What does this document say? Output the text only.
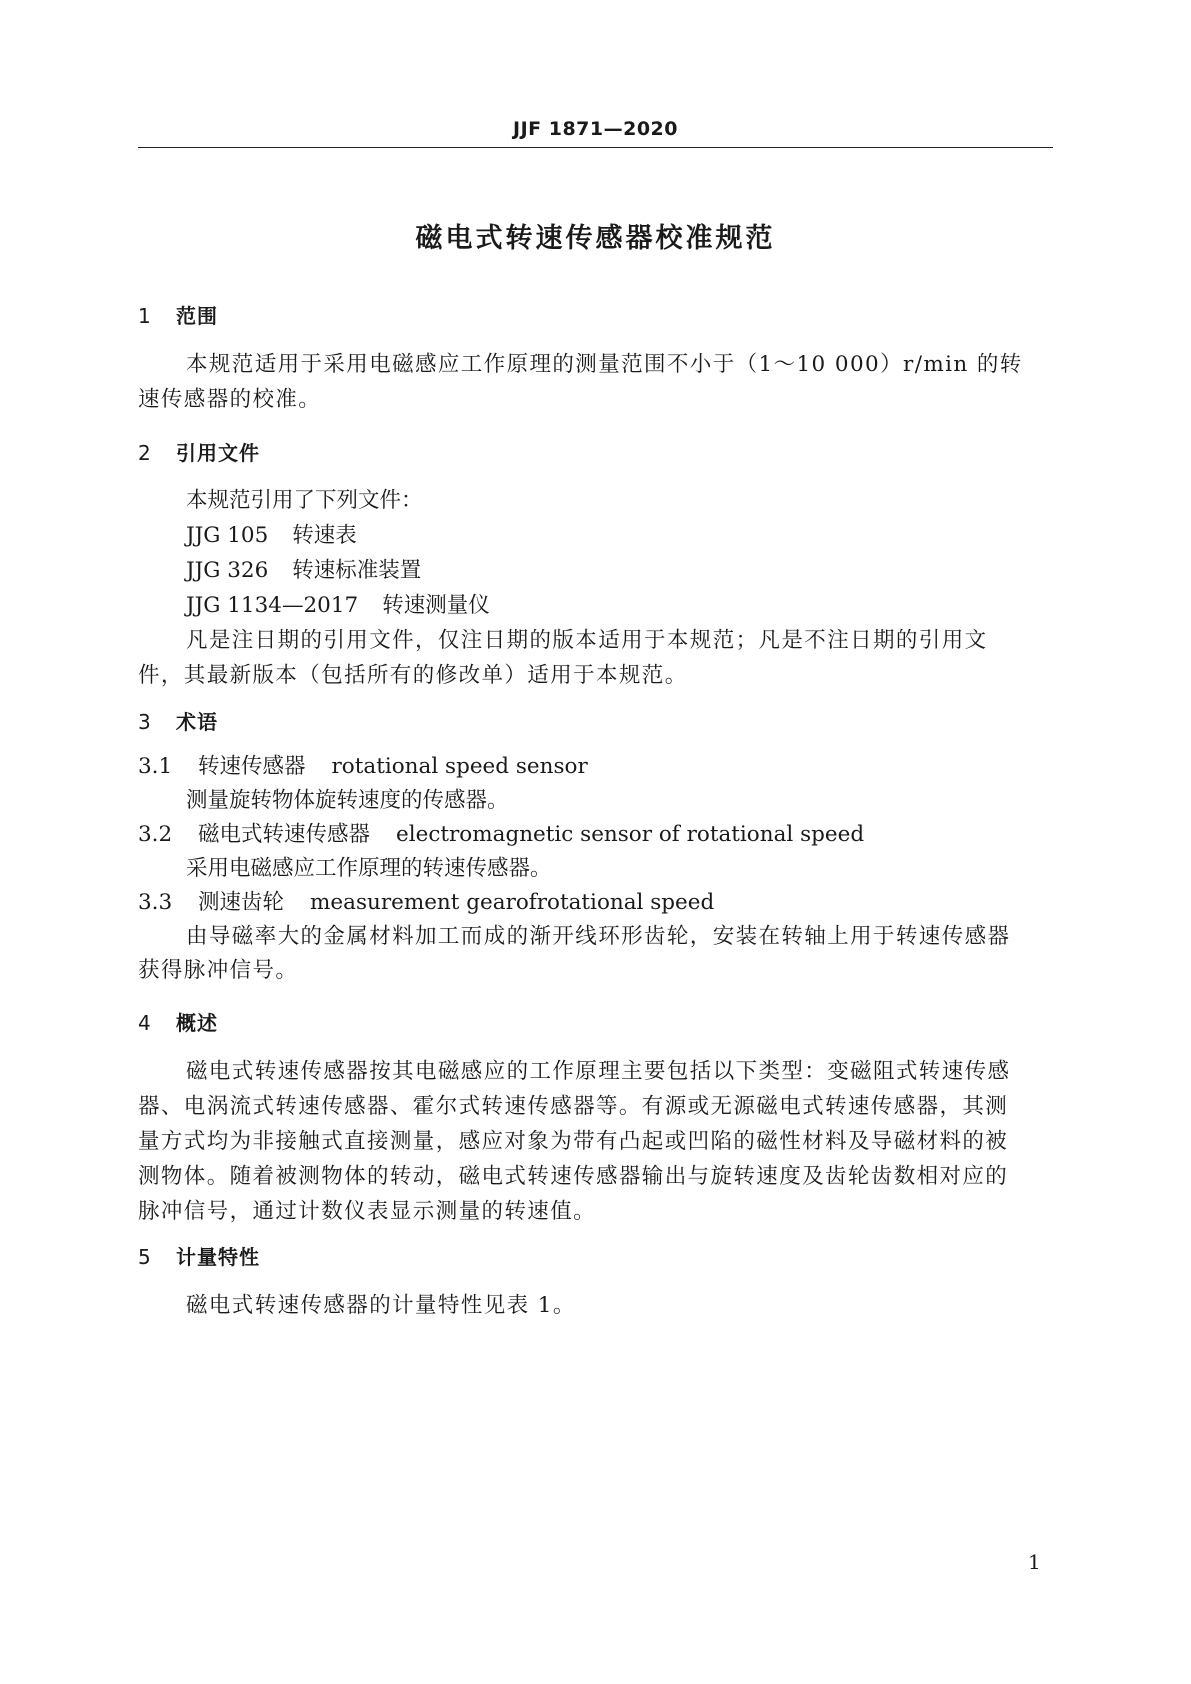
JJF 1871—2020
磁电式转速传感器校准规范
1 范围

本规范适用于采用电磁感应工作原理的测量范围不小于（1～10 000）r/min 的转

速传感器的校准。

2 引用文件
本规范引用了下列文件：
JJG 105 转速表
JJG 326 转速标准装置
JJG 1134—2017 转速测量仪

凡是注日期的引用文件，仅注日期的版本适用于本规范；凡是不注日期的引用文

件，其最新版本（包括所有的修改单）适用于本规范。

3 术语
3.1 转速传感器 rotational speed sensor
测量旋转物体旋转速度的传感器。
3.2 磁电式转速传感器 electromagnetic sensor of rotational speed
采用电磁感应工作原理的转速传感器。
3.3 测速齿轮 measurement gearofrotational speed

由导磁率大的金属材料加工而成的渐开线环形齿轮，安装在转轴上用于转速传感器

获得脉冲信号。

4 概述

磁电式转速传感器按其电磁感应的工作原理主要包括以下类型：变磁阻式转速传感

器、电涡流式转速传感器、霍尔式转速传感器等。有源或无源磁电式转速传感器，其测

量方式均为非接触式直接测量，感应对象为带有凸起或凹陷的磁性材料及导磁材料的被

测物体。随着被测物体的转动，磁电式转速传感器输出与旋转速度及齿轮齿数相对应的

脉冲信号，通过计数仪表显示测量的转速值。

5 计量特性

磁电式转速传感器的计量特性见表 1。

1
